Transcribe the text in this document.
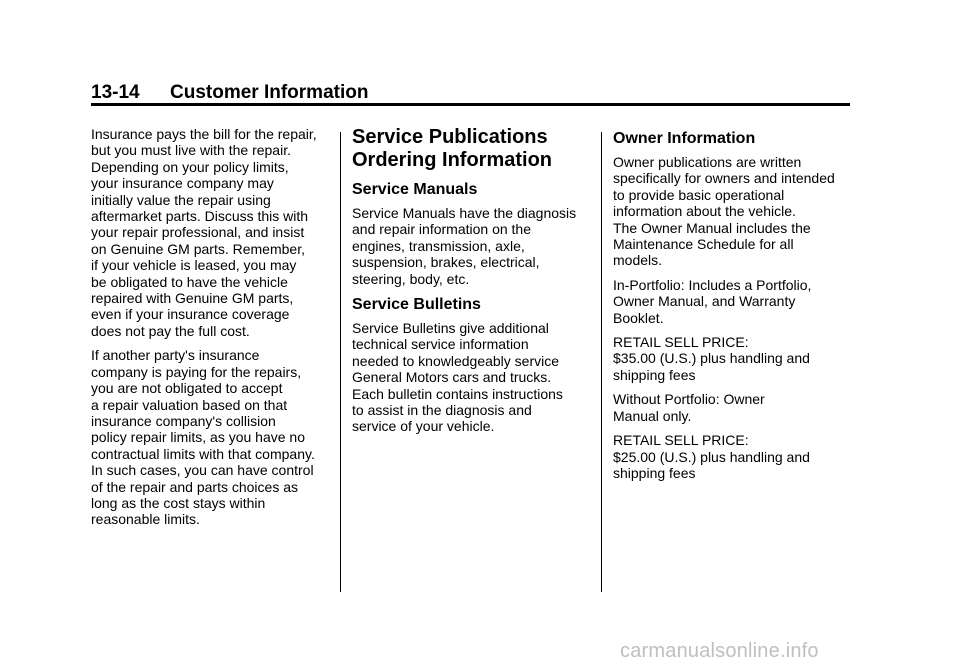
13-14 Customer Information

Insurance pays the bill for the repair,
but you must live with the repair.
Depending on your policy limits,
your insurance company may
initially value the repair using
aftermarket parts. Discuss this with
your repair professional, and insist
on Genuine GM parts. Remember,
if your vehicle is leased, you may
be obligated to have the vehicle
repaired with Genuine GM parts,
even if your insurance coverage
does not pay the full cost.

If another party's insurance
company is paying for the repairs,
you are not obligated to accept
a repair valuation based on that
insurance company's collision
policy repair limits, as you have no
contractual limits with that company.
In such cases, you can have control
of the repair and parts choices as
long as the cost stays within
reasonable limits.

Service Publications
Ordering Information
Service Manuals

Service Manuals have the diagnosis
and repair information on the
engines, transmission, axle,
suspension, brakes, electrical,
steering, body, etc.

Service Bulletins

Service Bulletins give additional
technical service information
needed to knowledgeably service
General Motors cars and trucks.
Each bulletin contains instructions
to assist in the diagnosis and
service of your vehicle.

Owner Information

Owner publications are written
specifically for owners and intended
to provide basic operational
information about the vehicle.
The Owner Manual includes the
Maintenance Schedule for all
models.

In-Portfolio: Includes a Portfolio,
Owner Manual, and Warranty
Booklet.

RETAIL SELL PRICE:
$35.00 (U.S.) plus handling and
shipping fees

Without Portfolio: Owner
Manual only.

RETAIL SELL PRICE:
$25.00 (U.S.) plus handling and
shipping fees

carmanualsonline.info
